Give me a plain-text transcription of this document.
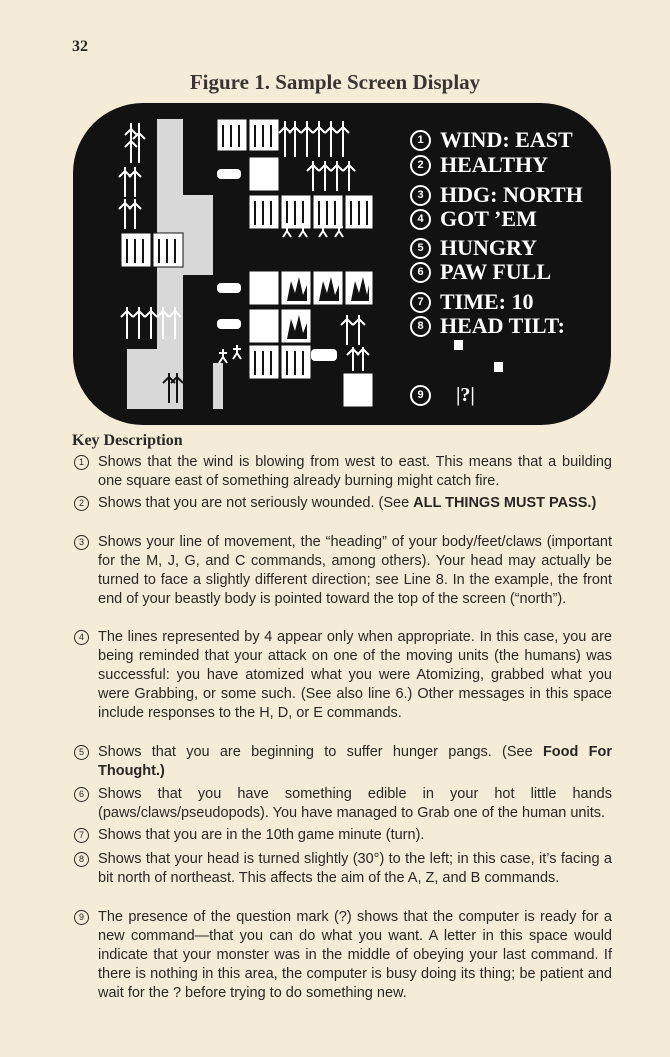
32
Figure 1. Sample Screen Display
1 WIND: EAST
2 HEALTHY
3 HDG: NORTH
4 GOT ’EM
5 HUNGRY
6 PAW FULL
7 TIME: 10
8 HEAD TILT:
9	|?|
Key Description
1 Shows that the wind is blowing from west to east. This means that a building one square east of something already burning might catch fire.
2 Shows that you are not seriously wounded. (See ALL THINGS MUST PASS.)
3 Shows your line of movement, the “heading” of your body/feet/claws (important for the M, J, G, and C commands, among others). Your head may actually be turned to face a slightly different direction; see Line 8. In the example, the front end of your beastly body is pointed toward the top of the screen (“north”).
4 The lines represented by 4 appear only when appropriate. In this case, you are being reminded that your attack on one of the moving units (the humans) was successful: you have atomized what you were Atomizing, grabbed what you were Grabbing, or some such. (See also line 6.) Other messages in this space include responses to the H, D, or E commands.
5 Shows that you are beginning to suffer hunger pangs. (See Food For Thought.)
6 Shows that you have something edible in your hot little hands (paws/claws/pseudopods). You have managed to Grab one of the human units.
7 Shows that you are in the 10th game minute (turn).
8 Shows that your head is turned slightly (30°) to the left; in this case, it’s facing a bit north of northeast. This affects the aim of the A, Z, and B commands.
9 The presence of the question mark (?) shows that the computer is ready for a new command—that you can do what you want. A letter in this space would indicate that your monster was in the middle of obeying your last command. If there is nothing in this area, the computer is busy doing its thing; be patient and wait for the ? before trying to do something new.
